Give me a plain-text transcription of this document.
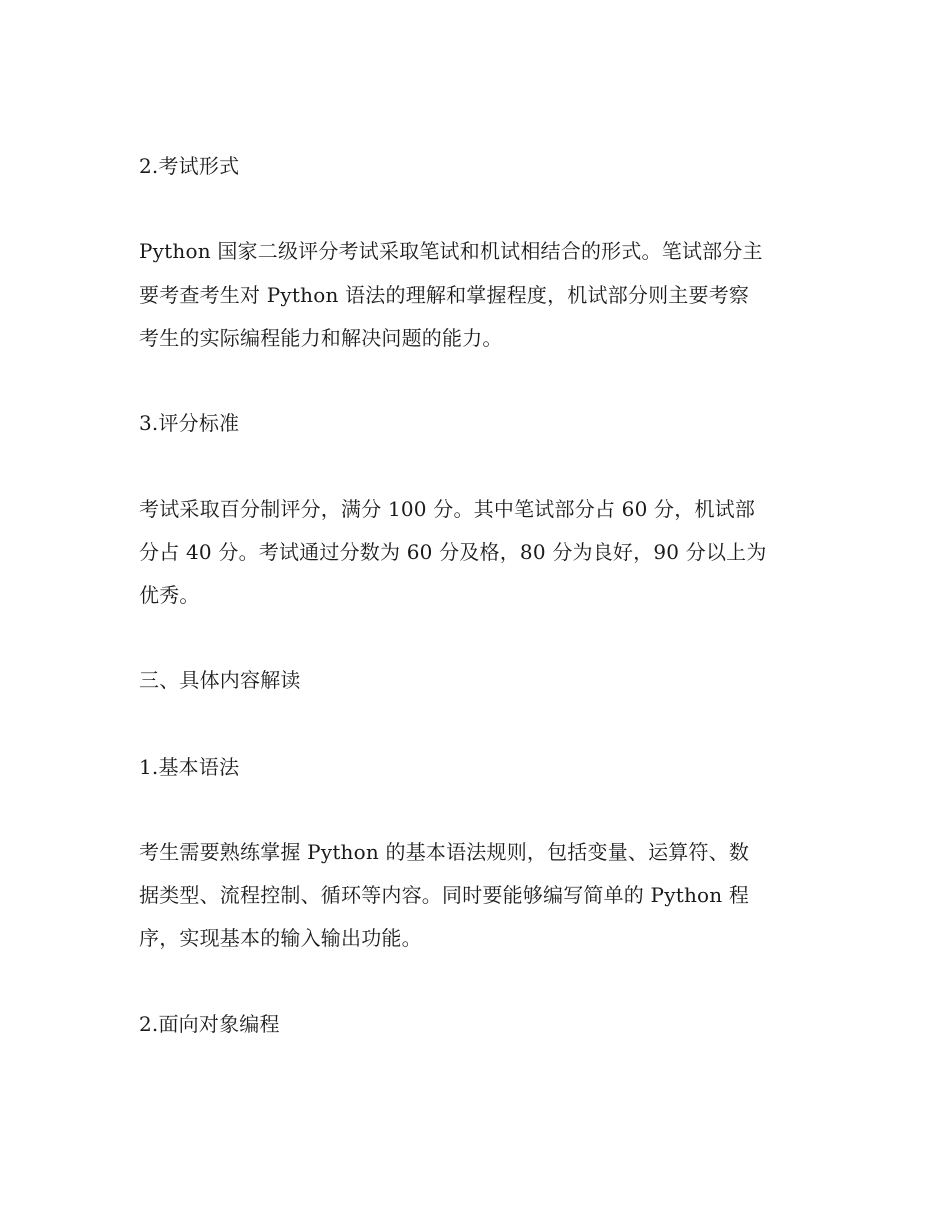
2.考试形式
Python 国家二级评分考试采取笔试和机试相结合的形式。笔试部分主
要考查考生对 Python 语法的理解和掌握程度，机试部分则主要考察
考生的实际编程能力和解决问题的能力。
3.评分标准
考试采取百分制评分，满分 100 分。其中笔试部分占 60 分，机试部
分占 40 分。考试通过分数为 60 分及格，80 分为良好，90 分以上为
优秀。
三、具体内容解读
1.基本语法
考生需要熟练掌握 Python 的基本语法规则，包括变量、运算符、数
据类型、流程控制、循环等内容。同时要能够编写简单的 Python 程
序，实现基本的输入输出功能。
2.面向对象编程
